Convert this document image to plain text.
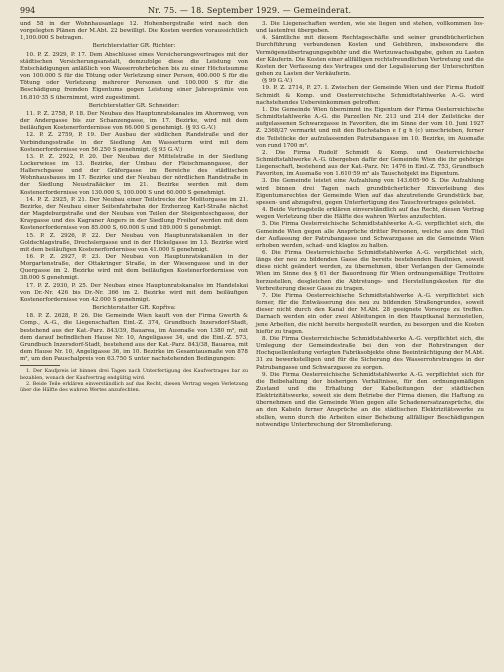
994	Nr. 75. — 18. September 1929. — Gemeinderat.

und 58 in der Wohnhausanlage 12. Hohenbergstraße wird nach den vorgelegten Plänen der M.Abt. 22 bewilligt. Die Kosten werden voraussichtlich 1,100.000 S betragen.

Berichterstatter GR. Richter:

10. P. Z. 2929, P. 17. Dem Abschlusse eines Versicherungsvertrages mit der städtischen Versicherungsanstalt, demzufolge diese die Leistung von Entschädigungen anläßlich von Wasserrohrbrüchen bis zu einer Höchstsumme von 100.000 S für die Tötung oder Verletzung einer Person, 400.000 S für die Tötung oder Verletzung mehrerer Personen und 100.000 S für die Beschädigung fremden Eigentums gegen Leistung einer Jahresprämie von 16.810·35 S übernimmt, wird zugestimmt.

Berichterstatter GR. Schneider:

11. P. Z. 2758, P. 18. Der Neubau des Hauptunratskanales im Ahornweg, von der Andergasse bis zur Schanzengasse, im 17. Bezirke, wird mit dem beiläufigen Kostenerfordernisse von 66.000 S genehmigt. (§ 93 G.-V.)

12. P. Z. 2759, P. 19. Der Ausbau der südlichen Randstraße und der Verbindungsstraße in der Siedlung Am Wasserturm wird mit dem Kostenerfordernisse von 56.250 S genehmigt. (§ 93 G.-V.)

13. P. Z. 2922, P. 20. Der Neubau der Mittelstraße in der Siedlung Lockerwiese im 13. Bezirke, der Umbau der Fleischmanngasse, der Hallerschgasse und der Gräfergasse im Bereiche des städtischen Wohnhausbaues im 17. Bezirke und der Neubau der nördlichen Randstraße in der Siedlung Neustraßäcker im 21. Bezirke werden mit dem Kostenerfordernisse von 130.000 S, 100.000 S und 60.000 S genehmigt.

14. P. Z. 2925, P. 21. Der Neubau einer Teilstrecke der Molitorgasse im 21. Bezirke, der Neubau einer Seitenfahrbahn der Erzherzog Karl-Straße nächst der Magdeburgstraße und der Neubau von Teilen der Steigenteschgasse, der Kraygasse und des Kagraner Angers in der Siedlung Freihof werden mit dem Kostenerfordernisse von 85.000 S, 60.000 S und 189.000 S genehmigt.

15. P. Z. 2926, P. 22. Der Neubau von Hauptunratskanälen in der Goldschlagstraße, Drechslergasse und in der Hickelgasse im 13. Bezirke wird mit dem beiläufigen Kostenerfordernisse von 41.000 S genehmigt.

16. P. Z. 2927, P. 23. Der Neubau von Hauptunratskanälen in der Morgartenstraße, der Ottakringer Straße, in der Wiesengasse und in der Quergasse im 2. Bezirke wird mit dem beiläufigen Kostenerfordernisse von 38.000 S genehmigt.

17. P. Z. 2930, P. 25. Der Neubau eines Hauptunratskanales im Handelskai von Dr.-Nr. 426 bis Dr.-Nr. 366 im 2. Bezirke wird mit dem beiläufigen Kostenerfordernisse von 42.000 S genehmigt.

Berichterstatter GR. Kopřiva:

18. P. Z. 2628, P. 26. Die Gemeinde Wien kauft von der Firma Gwerth & Comp., A.-G., die Liegenschaften Einl.-Z. 374, Grundbuch Inzersdorf-Stadt, bestehend aus der Kat.-Parz. 843/39, Bauarea, im Ausmaße von 1380 m², mit dem darauf befindlichen Hause Nr. 10, Angeligasse 34, und die Einl.-Z. 573, Grundbuch Inzersdorf-Stadt, bestehend aus der Kat.-Parz. 843/38, Bauarea, mit dem Hause Nr. 10, Angeligasse 36, im 10. Bezirke im Gesamtausmaße von 878 m², um den Pauschalpreis von 63.750 S unter nachstehenden Bedingungen:

1. Der Kaufpreis ist binnen drei Tagen nach Unterfertigung des Kaufvertrages bar zu bezahlen, wonach der Kaufvertrag endgültig wird.

2. Beide Teile erklären einverständlich auf das Recht, diesen Vertrag wegen Verletzung über die Hälfte des wahren Wertes anzufechten.

3. Die Liegenschaften werden, wie sie liegen und stehen, vollkommen los- und lastenfrei übergeben.

4. Sämtliche mit diesem Rechtsgeschäfte und seiner grundbücherlichen Durchführung verbundenen Kosten und Gebühren, insbesondere die Vermögensübertragungsgebühr und die Wertzuwachsabgabe, gehen zu Lasten der Käuferin. Die Kosten einer allfälligen rechtsfreundlichen Vertretung und die Kosten der Verfassung des Vertrages und der Legalisierung der Unterschriften gehen zu Lasten der Verkäuferin.

(§ 99 G.-V.)

19. P. Z. 2714, P. 27. I. Zwischen der Gemeinde Wien und der Firma Rudolf Schmidt & Komp. und Oesterreichische Schmidtstahlwerke A.-G. wird nachstehendes Uebereinkommen getroffen:

1. Die Gemeinde Wien übernimmt ins Eigentum der Firma Oesterreichische Schmidtstahlwerke A.-G. die Parzellen Nr. 213 und 214 der Zeilstücke der aufgelassenen Schwarzgasse in Favoriten, die im Sinne der vom 10. Juni 1927 Z. 2368/27 vermarkt und mit den Buchstaben e f g h (c) umschrieben, ferner die Teilstücke der aufzulassenden Patrubangasse im 10. Bezirke, im Ausmaße von rund 1700 m².

2. Die Firma Rudolf Schmidt & Komp. und Oesterreichische Schmidtstahlwerke A.-G. übergeben dafür der Gemeinde Wien die ihr gehörige Liegenschaft, bestehend aus der Kat.-Parz. Nr. 1476 in Einl.-Z. 753, Grundbuch Favoriten, im Ausmaße von 1.610·59 m² als Tauschobjekt ins Eigentum.

3. Die Gemeinde leistet eine Aufzahlung von 143.605·90 S. Die Aufzahlung wird binnen drei Tagen nach grundbücherlicher Einverleibung des Eigentumsrechtes der Gemeinde Wien auf das abzutretende Grundstück bar, spesen- und abzugsfrei, gegen Unterfertigung des Tauschvertrages geleistet.

4. Beide Vertragsteile erklären einverständlich auf das Recht, diesen Vertrag wegen Verletzung über die Hälfte des wahren Wertes anzufechten.

5. Die Firma Oesterreichische Schmidtstahlwerke A.-G. verpflichtet sich, die Gemeinde Wien gegen alle Ansprüche dritter Personen, welche aus dem Titel der Auflassung der Patrubangasse und Schwarzgasse an die Gemeinde Wien erhoben werden, schad- und klaglos zu halten.

6. Die Firma Oesterreichische Schmidtstahlwerke A.-G. verpflichtet sich, längs der neu zu bildenden Gasse die bereits bestehenden Baulinien, soweit diese nicht geändert werden, zu übernehmen, über Verlangen der Gemeinde Wien im Sinne des § 61 der Bauordnung für Wien ordnungsmäßige Trottoire herzustellen, desgleichen die Abtretungs- und Herstellungskosten für die Verbreiterung dieser Gasse zu tragen.

7. Die Firma Oesterreichische Schmidtstahlwerke A.-G. verpflichtet sich ferner, für die Entwässerung des neu zu bildenden Straßengrundes, soweit dieser nicht durch den Kanal der M.Abt. 28 geeignete Vorsorge zu treffen. Darnach werden ein oder zwei Ableitungen in den Hauptkanal herzustellen, jene Arbeiten, die nicht bereits hergestellt wurden, zu besorgen und die Kosten hiefür zu tragen.

8. Die Firma Oesterreichische Schmidtstahlwerke A.-G. verpflichtet sich, die Umlegung der Gemeindestraße bei den von der Rohrstrangen der Hochquellenleitung verlegten Fabriksobjekte ohne Beeinträchtigung der M.Abt. 31 zu bewerkstelligen und für die Sicherung des Wasserrohrstranges in der Patrubangasse und Schwarzgasse zu sorgen.

9. Die Firma Oesterreichische Schmidtstahlwerke A.-G. verpflichtet sich für die Beibehaltung der bisherigen Verhältnisse, für den ordnungsmäßigen Zustand und die Erhaltung der Kabelleitungen der städtischen Elektrizitätswerke, soweit sie dem Betriebe der Firma dienen, die Haftung zu übernehmen und die Gemeinde Wien gegen alle Schadenersatzansprüche, die an den Kabeln ferner Ansprüche an die städtischen Elektrizitätswerke zu stellen, wenn durch die Arbeiten einer Behebung allfälliger Beschädigungen notwendige Unterbrechung der Stromlieferung.
